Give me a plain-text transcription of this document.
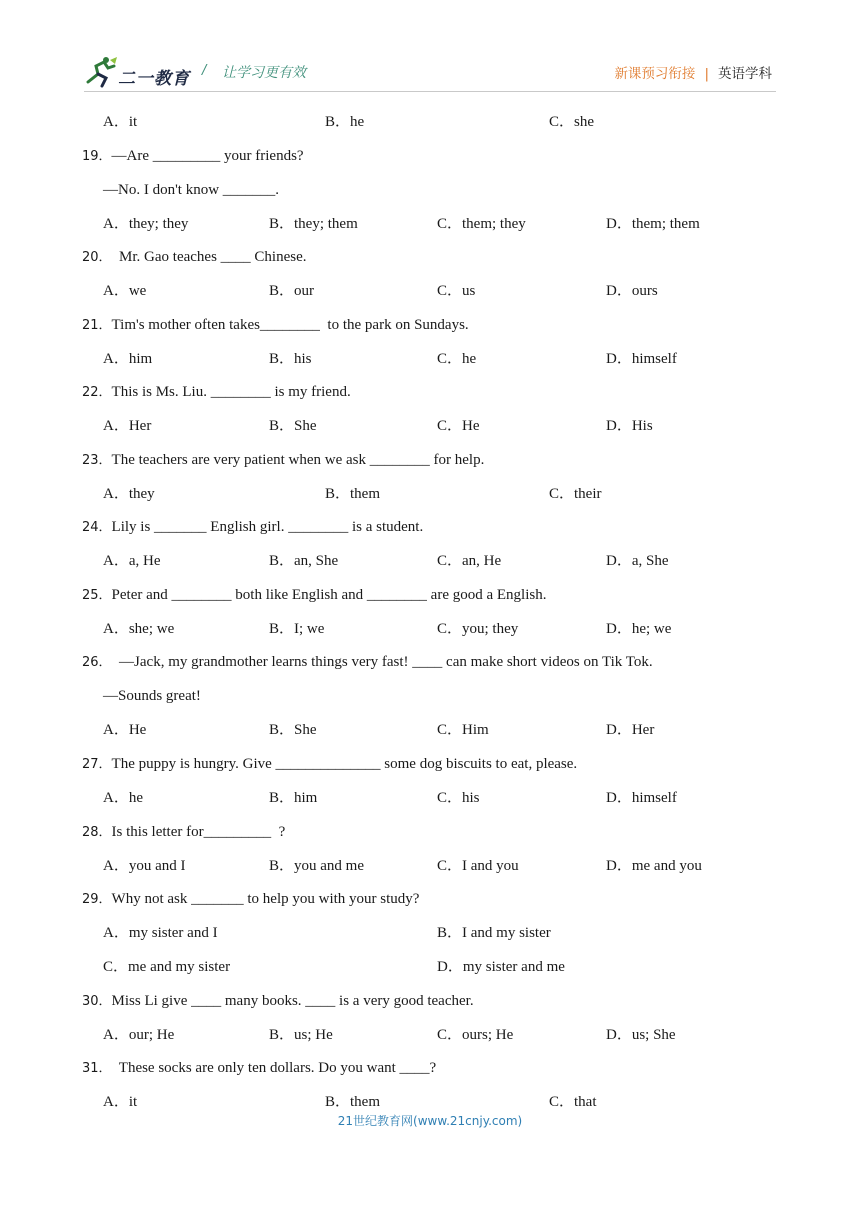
二一教育 / 让学习更有效	新课预习衔接 | 英语学科
A．it	B．he	C．she
19．—Are _________ your friends?
—No. I don't know _______.
A．they; they	B．they; them	C．them; they	D．them; them
20．  Mr. Gao teaches ____ Chinese.
A．we	B．our	C．us	D．ours
21．Tim's mother often takes________  to the park on Sundays.
A．him	B．his	C．he	D．himself
22．This is Ms. Liu. ________ is my friend.
A．Her	B．She	C．He	D．His
23．The teachers are very patient when we ask ________ for help.
A．they	B．them	C．their
24．Lily is _______ English girl. ________ is a student.
A．a, He	B．an, She	C．an, He	D．a, She
25．Peter and ________ both like English and ________ are good a English.
A．she; we	B．I; we	C．you; they	D．he; we
26．  —Jack, my grandmother learns things very fast! ____ can make short videos on Tik Tok.
—Sounds great!
A．He	B．She	C．Him	D．Her
27．The puppy is hungry. Give ______________ some dog biscuits to eat, please.
A．he	B．him	C．his	D．himself
28．Is this letter for_________  ?
A．you and I	B．you and me	C．I and you	D．me and you
29．Why not ask _______ to help you with your study?
A．my sister and I	B．I and my sister
C．me and my sister	D．my sister and me
30．Miss Li give ____ many books. ____ is a very good teacher.
A．our; He	B．us; He	C．ours; He	D．us; She
31．  These socks are only ten dollars. Do you want ____?
A．it	B．them	C．that
21世纪教育网(www.21cnjy.com)
